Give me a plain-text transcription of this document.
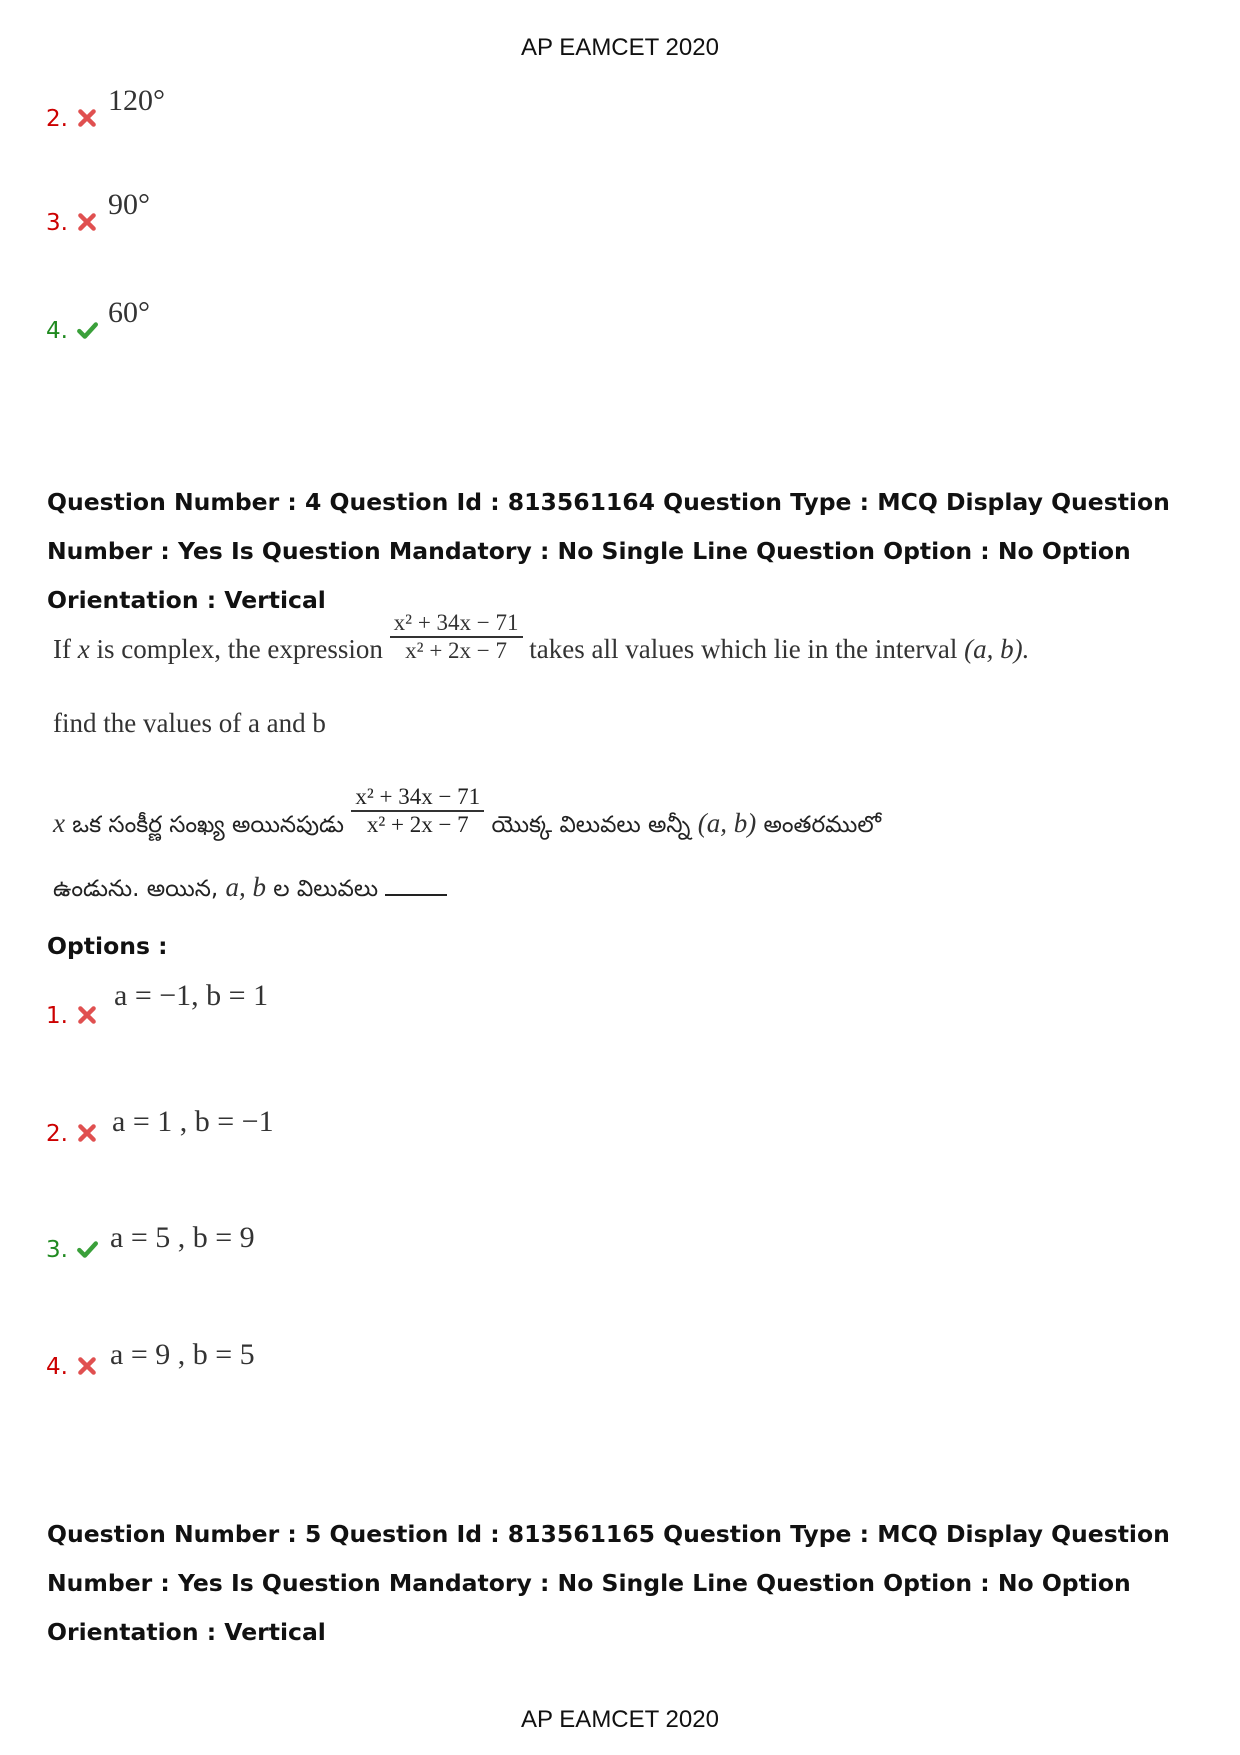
AP EAMCET 2020
2.
120°
3.
90°
4.
60°
Question Number : 4 Question Id : 813561164 Question Type : MCQ Display Question Number : Yes Is Question Mandatory : No Single Line Question Option : No Option Orientation : Vertical
If x is complex, the expression $\frac{\text{x² + 34x − 71}}{\text{x² + 2x − 7}}$ takes all values which lie in the interval (a, b).
find the values of a and b
x ఒక సంకీర్ణ సంఖ్య అయినపుడు $\frac{\text{x² + 34x − 71}}{\text{x² + 2x − 7}}$ యొక్క విలువలు అన్నీ (a, b) అంతరములో
ఉండును. అయిన, a, b ల విలువలు
Options :
1.
a = −1, b = 1
2. a = 1 , b = −1
3. a = 5 , b = 9
4. a = 9 , b = 5
Question Number : 5 Question Id : 813561165 Question Type : MCQ Display Question Number : Yes Is Question Mandatory : No Single Line Question Option : No Option Orientation : Vertical
AP EAMCET 2020
